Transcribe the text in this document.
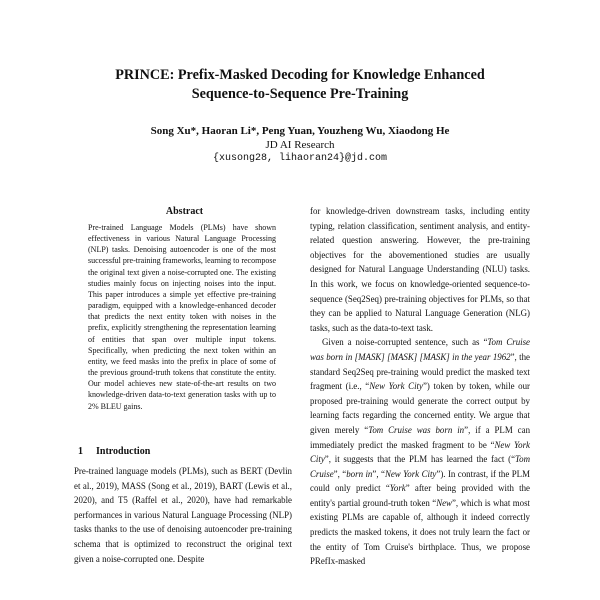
PRINCE: Prefix-Masked Decoding for Knowledge Enhanced
Sequence-to-Sequence Pre-Training
Song Xu*, Haoran Li*, Peng Yuan, Youzheng Wu, Xiaodong He
JD AI Research
{xusong28, lihaoran24}@jd.com
Abstract
Pre-trained Language Models (PLMs) have shown effectiveness in various Natural Language Processing (NLP) tasks. Denoising autoencoder is one of the most successful pre-training frameworks, learning to recompose the original text given a noise-corrupted one. The existing studies mainly focus on injecting noises into the input. This paper introduces a simple yet effective pre-training paradigm, equipped with a knowledge-enhanced decoder that predicts the next entity token with noises in the prefix, explicitly strengthening the representation learning of entities that span over multiple input tokens. Specifically, when predicting the next token within an entity, we feed masks into the prefix in place of some of the previous ground-truth tokens that constitute the entity. Our model achieves new state-of-the-art results on two knowledge-driven data-to-text generation tasks with up to 2% BLEU gains.
1 Introduction

Pre-trained language models (PLMs), such as BERT (Devlin et al., 2019), MASS (Song et al., 2019), BART (Lewis et al., 2020), and T5 (Raffel et al., 2020), have had remarkable performances in various Natural Language Processing (NLP) tasks thanks to the use of denoising autoencoder pre-training schema that is optimized to reconstruct the original text given a noise-corrupted one. Despite

for knowledge-driven downstream tasks, including entity typing, relation classification, sentiment analysis, and entity-related question answering. However, the pre-training objectives for the abovementioned studies are usually designed for Natural Language Understanding (NLU) tasks. In this work, we focus on knowledge-oriented sequence-to-sequence (Seq2Seq) pre-training objectives for PLMs, so that they can be applied to Natural Language Generation (NLG) tasks, such as the data-to-text task.

Given a noise-corrupted sentence, such as “Tom Cruise was born in [MASK] [MASK] [MASK] in the year 1962”, the standard Seq2Seq pre-training would predict the masked text fragment (i.e., “New York City”) token by token, while our proposed pre-training would generate the correct output by learning facts regarding the concerned entity. We argue that given merely “Tom Cruise was born in”, if a PLM can immediately predict the masked fragment to be “New York City”, it suggests that the PLM has learned the fact (“Tom Cruise”, “born in”, “New York City”). In contrast, if the PLM could only predict “York” after being provided with the entity's partial ground-truth token “New”, which is what most existing PLMs are capable of, although it indeed correctly predicts the masked tokens, it does not truly learn the fact or the entity of Tom Cruise's birthplace. Thus, we propose PRefIx-masked
